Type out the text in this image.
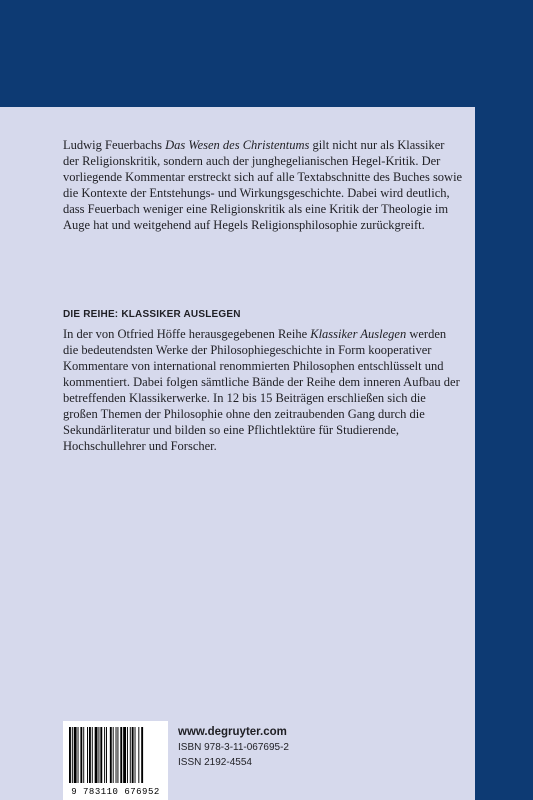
Ludwig Feuerbachs Das Wesen des Christentums gilt nicht nur als Klassiker der Religionskritik, sondern auch der junghegelianischen Hegel-Kritik. Der vorliegende Kommentar erstreckt sich auf alle Textabschnitte des Buches sowie die Kontexte der Entstehungs- und Wirkungsgeschichte. Dabei wird deutlich, dass Feuerbach weniger eine Religionskritik als eine Kritik der Theologie im Auge hat und weitgehend auf Hegels Religionsphilosophie zurückgreift.
DIE REIHE: KLASSIKER AUSLEGEN
In der von Otfried Höffe herausgegebenen Reihe Klassiker Auslegen werden die bedeutendsten Werke der Philosophiegeschichte in Form kooperativer Kommentare von international renommierten Philosophen entschlüsselt und kommentiert. Dabei folgen sämtliche Bände der Reihe dem inneren Aufbau der betreffenden Klassikerwerke. In 12 bis 15 Beiträgen erschließen sich die großen Themen der Philosophie ohne den zeitraubenden Gang durch die Sekundärliteratur und bilden so eine Pflichtlektüre für Studierende, Hochschullehrer und Forscher.
9 783110 676952
www.degruyter.com
ISBN 978-3-11-067695-2
ISSN 2192-4554
